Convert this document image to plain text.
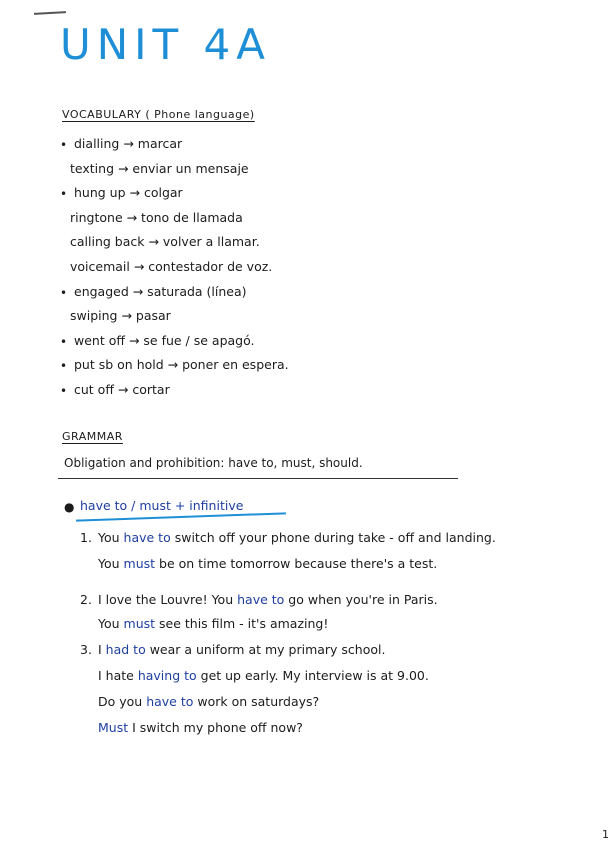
UNIT 4A
VOCABULARY ( Phone language)
• dialling → marcar
texting → enviar un mensaje
• hung up → colgar
ringtone → tono de llamada
calling back → volver a llamar.
voicemail → contestador de voz.
• engaged → saturada (línea)
swiping → pasar
• went off → se fue / se apagó.
• put sb on hold → poner en espera.
• cut off → cortar
GRAMMAR
Obligation and prohibition: have to, must, should.
● have to / must + infinitive
1. You have to switch off your phone during take - off and landing.
You must be on time tomorrow because there's a test.
2. I love the Louvre! You have to go when you're in Paris.
You must see this film - it's amazing!
3. I had to wear a uniform at my primary school.
I hate having to get up early. My interview is at 9.00.
Do you have to work on saturdays?
Must I switch my phone off now?
1
